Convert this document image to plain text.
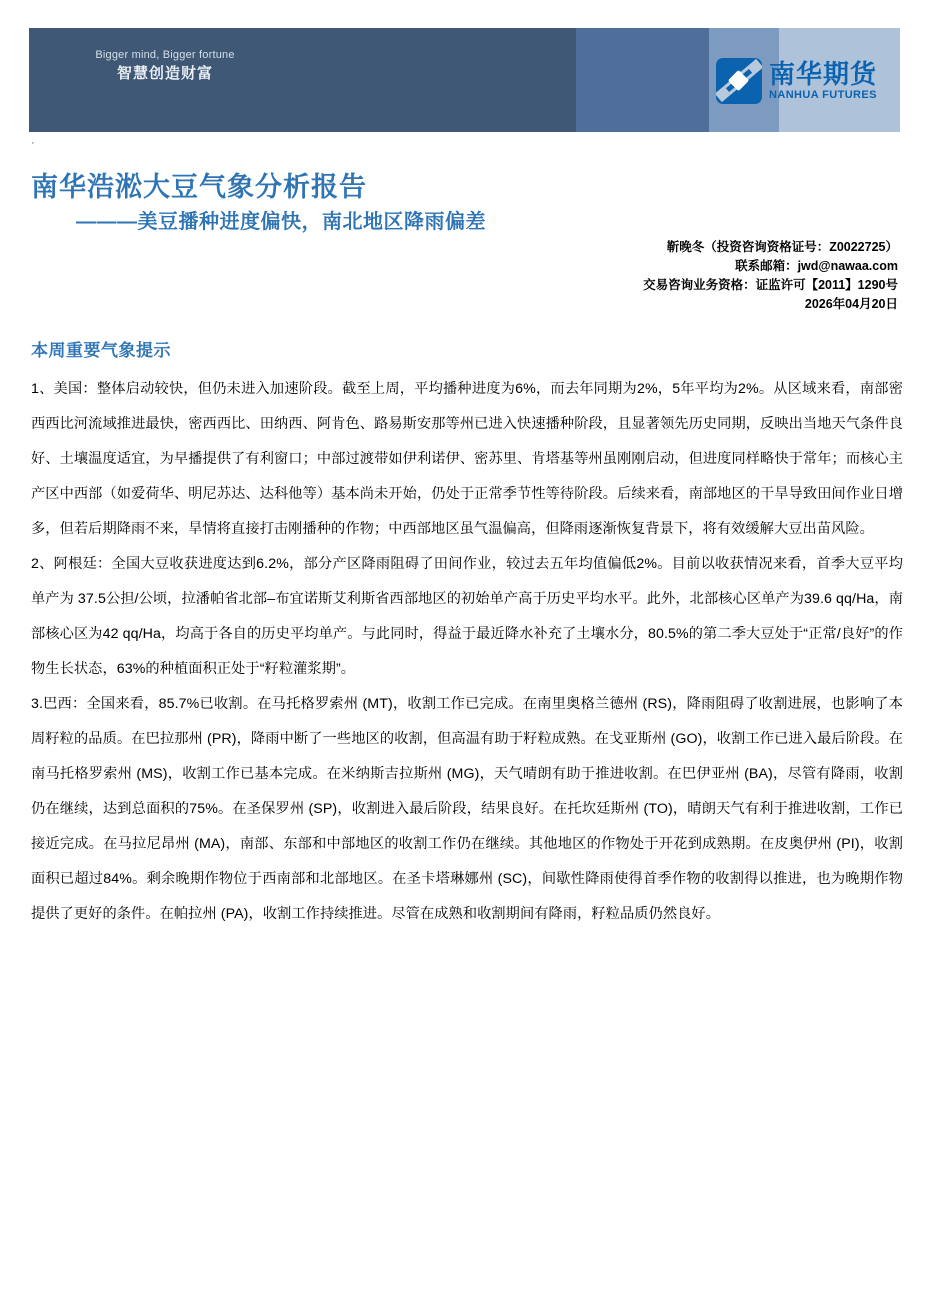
Bigger mind, Bigger fortune
智慧创造财富	南华期货
NANHUA FUTURES
·
南华浩淞大豆气象分析报告
———美豆播种进度偏快，南北地区降雨偏差
靳晚冬（投资咨询资格证号：Z0022725）
联系邮箱：jwd@nawaa.com
交易咨询业务资格：证监许可【2011】1290号
2026年04月20日
本周重要气象提示

1、美国：整体启动较快，但仍未进入加速阶段。截至上周，平均播种进度为6%，而去年同期为2%，5年平均为2%。从区域来看，南部密西西比河流域推进最快，密西西比、田纳西、阿肯色、路易斯安那等州已进入快速播种阶段，且显著领先历史同期，反映出当地天气条件良好、土壤温度适宜，为早播提供了有利窗口；中部过渡带如伊利诺伊、密苏里、肯塔基等州虽刚刚启动，但进度同样略快于常年；而核心主产区中西部（如爱荷华、明尼苏达、达科他等）基本尚未开始，仍处于正常季节性等待阶段。后续来看，南部地区的干旱导致田间作业日增多，但若后期降雨不来，旱情将直接打击刚播种的作物；中西部地区虽气温偏高，但降雨逐渐恢复背景下，将有效缓解大豆出苗风险。

2、阿根廷：全国大豆收获进度达到6.2%，部分产区降雨阻碍了田间作业，较过去五年均值偏低2%。目前以收获情况来看，首季大豆平均单产为 37.5公担/公顷，拉潘帕省北部–布宜诺斯艾利斯省西部地区的初始单产高于历史平均水平。此外，北部核心区单产为39.6 qq/Ha，南部核心区为42 qq/Ha，均高于各自的历史平均单产。与此同时，得益于最近降水补充了土壤水分，80.5%的第二季大豆处于“正常/良好”的作物生长状态，63%的种植面积正处于“籽粒灌浆期”。

3.巴西：全国来看，85.7%已收割。在马托格罗索州 (MT)，收割工作已完成。在南里奥格兰德州 (RS)，降雨阻碍了收割进展，也影响了本周籽粒的品质。在巴拉那州 (PR)，降雨中断了一些地区的收割，但高温有助于籽粒成熟。在戈亚斯州 (GO)，收割工作已进入最后阶段。在南马托格罗索州 (MS)，收割工作已基本完成。在米纳斯吉拉斯州 (MG)，天气晴朗有助于推进收割。在巴伊亚州 (BA)，尽管有降雨，收割仍在继续，达到总面积的75%。在圣保罗州 (SP)，收割进入最后阶段，结果良好。在托坎廷斯州 (TO)，晴朗天气有利于推进收割，工作已接近完成。在马拉尼昂州 (MA)，南部、东部和中部地区的收割工作仍在继续。其他地区的作物处于开花到成熟期。在皮奥伊州 (PI)，收割面积已超过84%。剩余晚期作物位于西南部和北部地区。在圣卡塔琳娜州 (SC)，间歇性降雨使得首季作物的收割得以推进，也为晚期作物提供了更好的条件。在帕拉州 (PA)，收割工作持续推进。尽管在成熟和收割期间有降雨，籽粒品质仍然良好。
